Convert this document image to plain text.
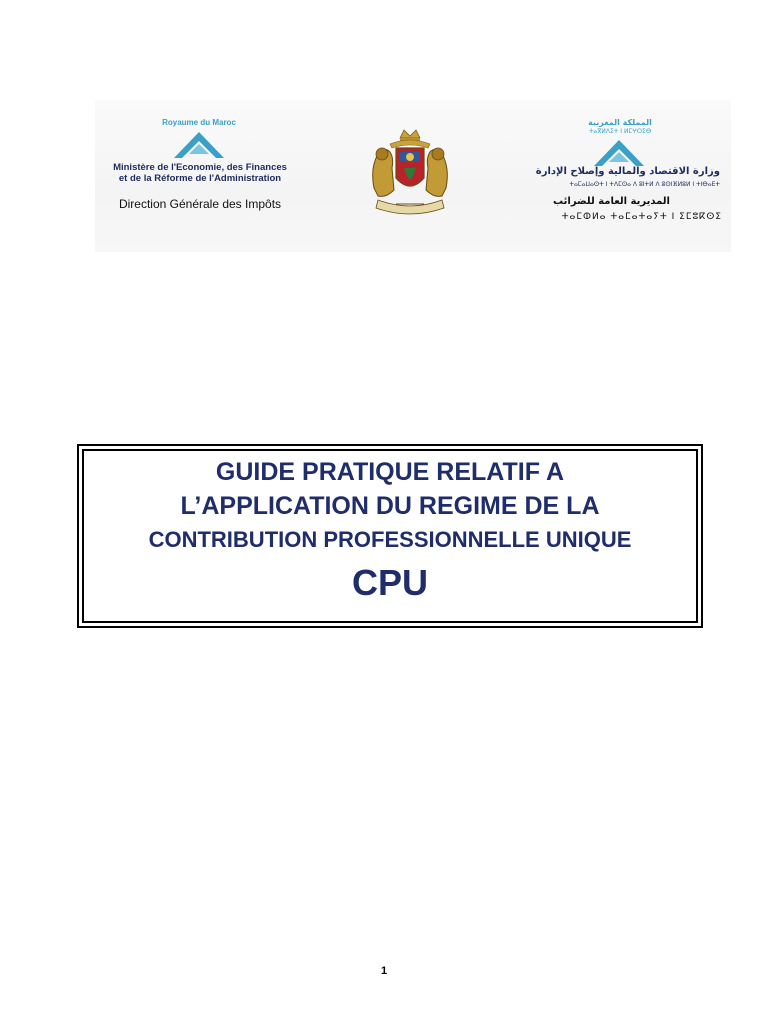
Royaume du Maroc
Ministère de l'Economie, des Finances
et de la Réforme de l'Administration
Direction Générale des Impôts
المملكة المغربية
ⵜⴰⴳⵍⴷⵉⵜ ⵏ ⵍⵎⵖⵔⵉⴱ
وزارة الاقتصاد والمالية وإصلاح الإدارة
ⵜⴰⵎⴰⵡⴰⵙⵜ ⵏ ⵜⴷⵎⵙⴰ ⴷ ⵓⵏⵜⵍ ⴷ ⵓⵙⵏⴼⵍⵓⵍ ⵏ ⵜⵏⴱⴰⴹⵜ
المديرية العامة للضرائب
ⵜⴰⵎⵀⵍⴰ ⵜⴰⵎⴰⵜⴰⵢⵜ ⵏ ⵉⵎⵓⴽⵙⵉ
GUIDE PRATIQUE RELATIF A
L’APPLICATION DU REGIME DE LA
CONTRIBUTION PROFESSIONNELLE UNIQUE
CPU
1
